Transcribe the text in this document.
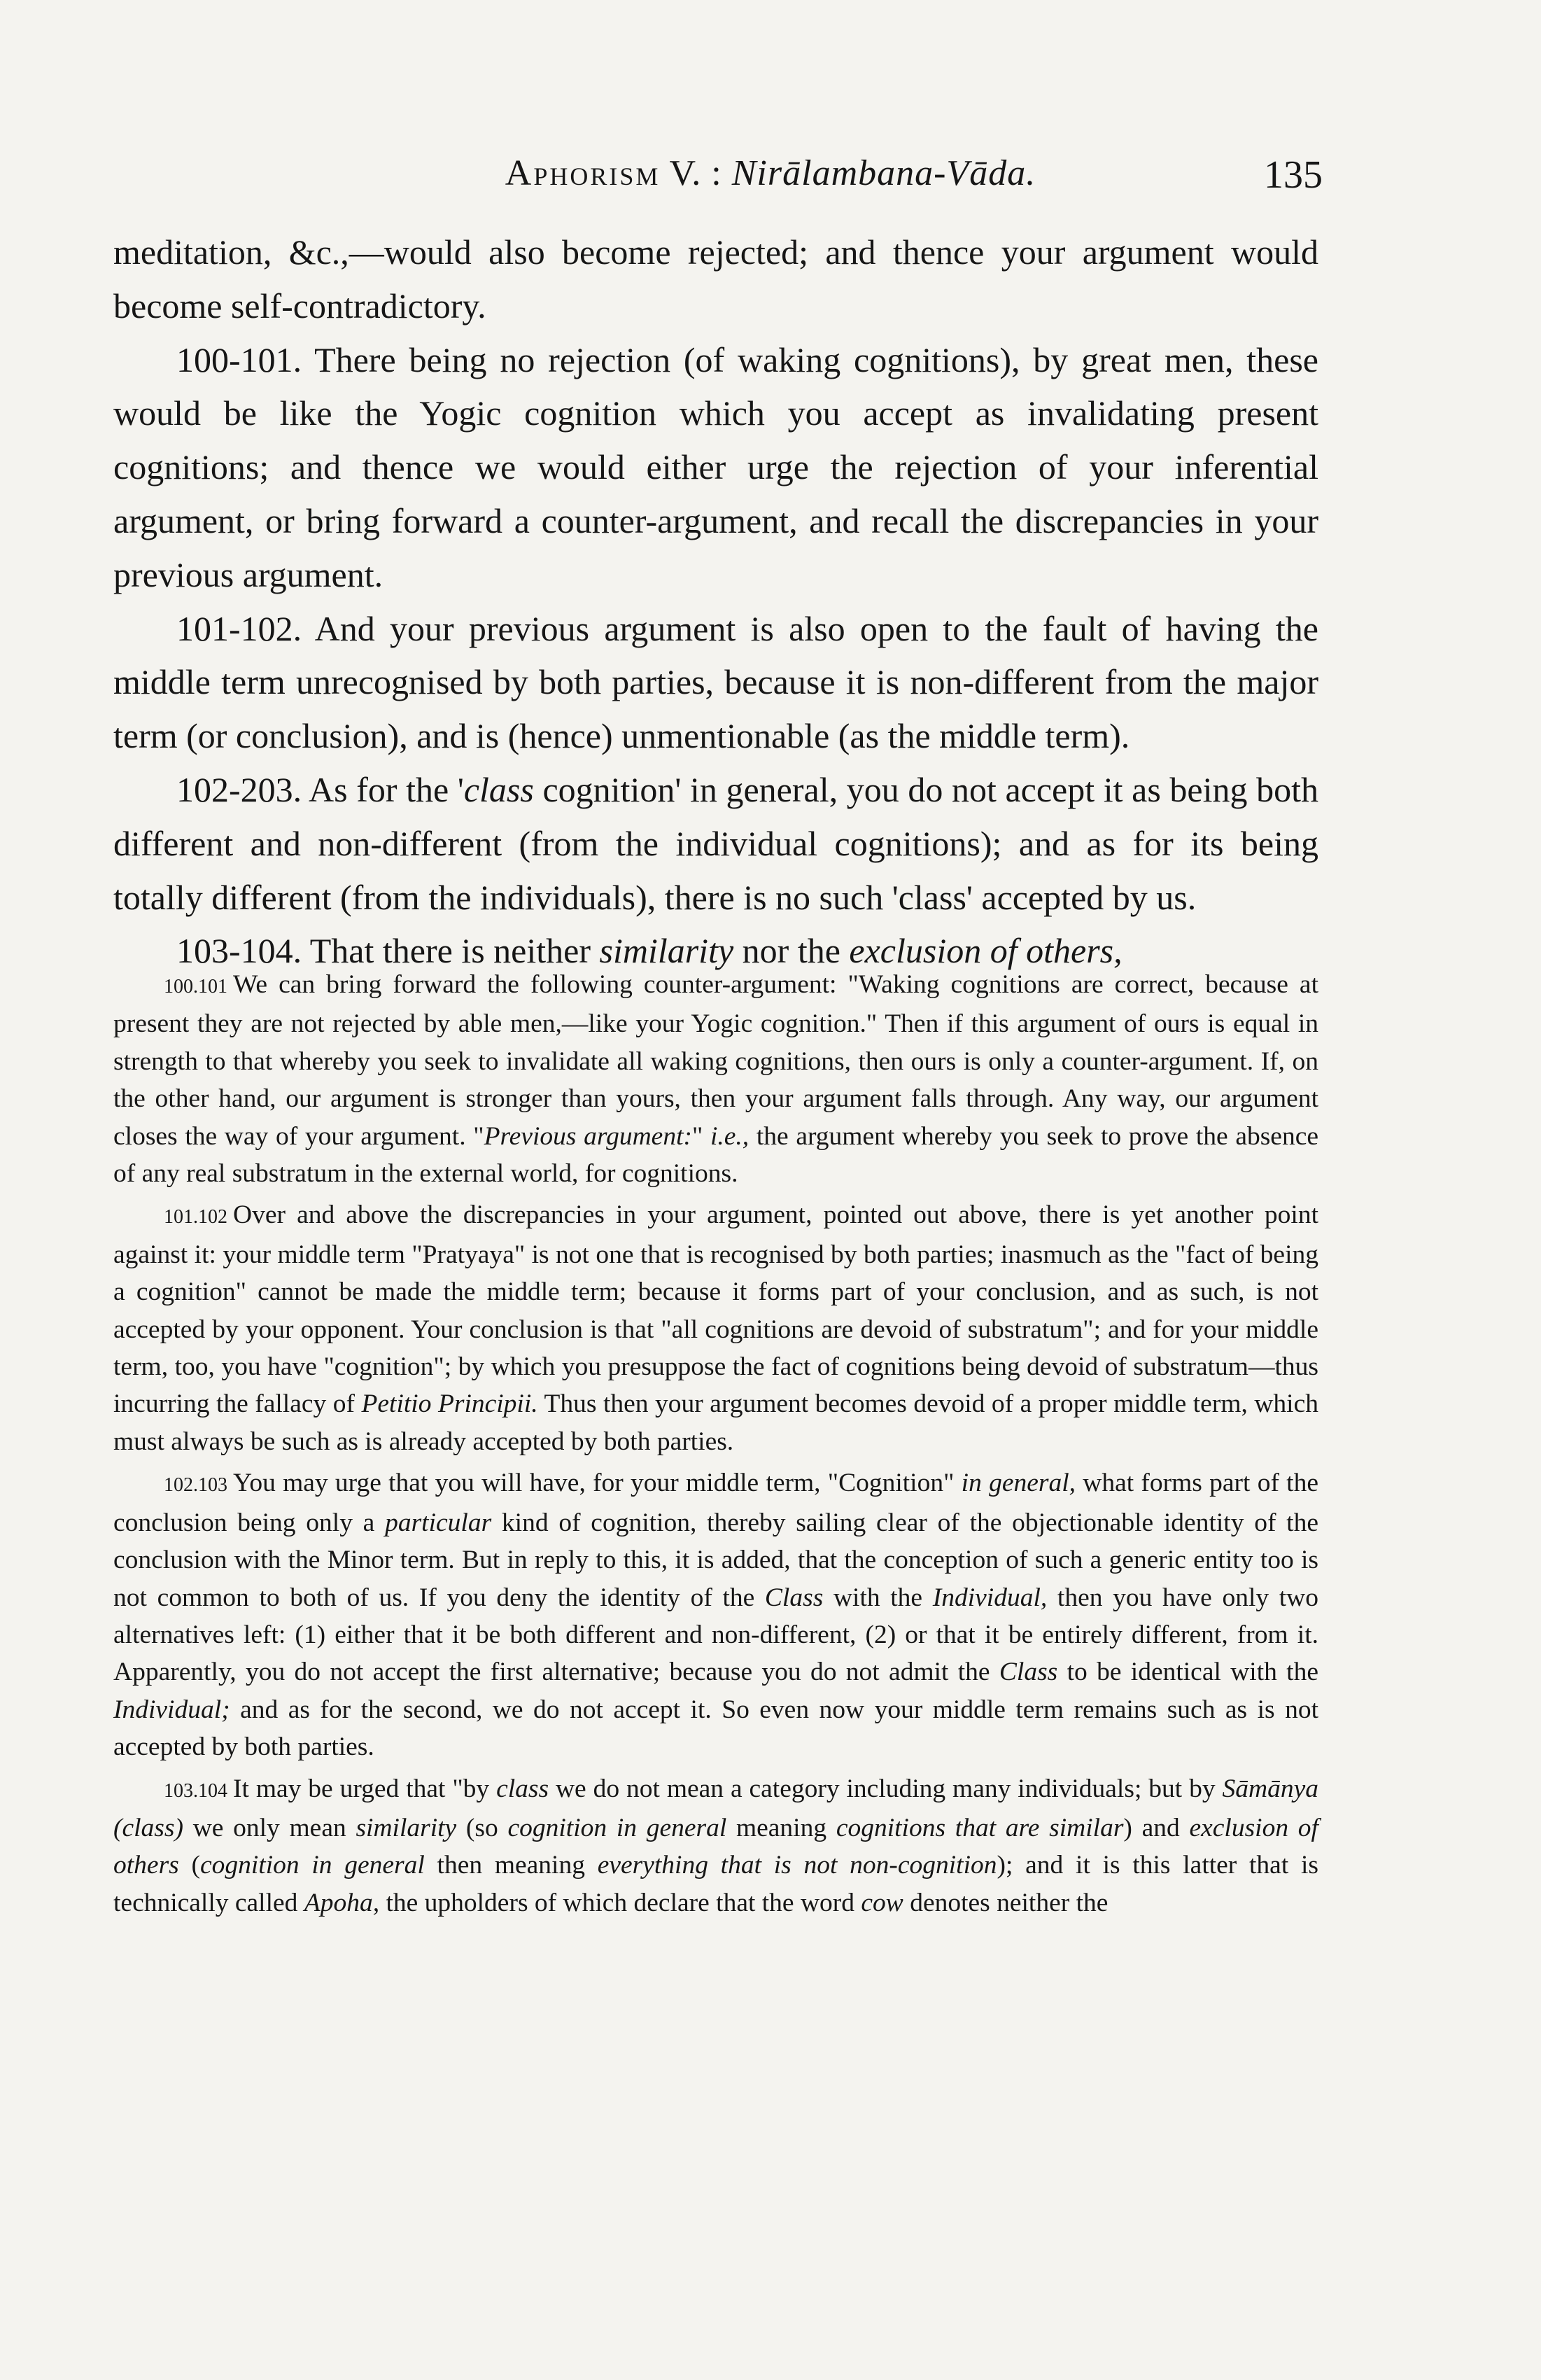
Aphorism V. : Nirālambana-Vāda.	135

meditation, &c.,—would also become rejected; and thence your argument would become self-contradictory.

100-101. There being no rejection (of waking cognitions), by great men, these would be like the Yogic cognition which you accept as invalidating present cognitions; and thence we would either urge the rejection of your inferential argument, or bring forward a counter-argument, and recall the discrepancies in your previous argument.

101-102. And your previous argument is also open to the fault of having the middle term unrecognised by both parties, because it is non-different from the major term (or conclusion), and is (hence) unmentionable (as the middle term).

102-203. As for the 'class cognition' in general, you do not accept it as being both different and non-different (from the individual cognitions); and as for its being totally different (from the individuals), there is no such 'class' accepted by us.

103-104. That there is neither similarity nor the exclusion of others,

100.101 We can bring forward the following counter-argument: "Waking cognitions are correct, because at present they are not rejected by able men,—like your Yogic cognition." Then if this argument of ours is equal in strength to that whereby you seek to invalidate all waking cognitions, then ours is only a counter-argument. If, on the other hand, our argument is stronger than yours, then your argument falls through. Any way, our argument closes the way of your argument. "Previous argument:" i.e., the argument whereby you seek to prove the absence of any real substratum in the external world, for cognitions.

101.102 Over and above the discrepancies in your argument, pointed out above, there is yet another point against it: your middle term "Pratyaya" is not one that is recognised by both parties; inasmuch as the "fact of being a cognition" cannot be made the middle term; because it forms part of your conclusion, and as such, is not accepted by your opponent. Your conclusion is that "all cognitions are devoid of substratum"; and for your middle term, too, you have "cognition"; by which you presuppose the fact of cognitions being devoid of substratum—thus incurring the fallacy of Petitio Principii. Thus then your argument becomes devoid of a proper middle term, which must always be such as is already accepted by both parties.

102.103 You may urge that you will have, for your middle term, "Cognition" in general, what forms part of the conclusion being only a particular kind of cognition, thereby sailing clear of the objectionable identity of the conclusion with the Minor term. But in reply to this, it is added, that the conception of such a generic entity too is not common to both of us. If you deny the identity of the Class with the Individual, then you have only two alternatives left: (1) either that it be both different and non-different, (2) or that it be entirely different, from it. Apparently, you do not accept the first alternative; because you do not admit the Class to be identical with the Individual; and as for the second, we do not accept it. So even now your middle term remains such as is not accepted by both parties.

103.104 It may be urged that "by class we do not mean a category including many individuals; but by Sāmānya (class) we only mean similarity (so cognition in general meaning cognitions that are similar) and exclusion of others (cognition in general then meaning everything that is not non-cognition); and it is this latter that is technically called Apoha, the upholders of which declare that the word cow denotes neither the
